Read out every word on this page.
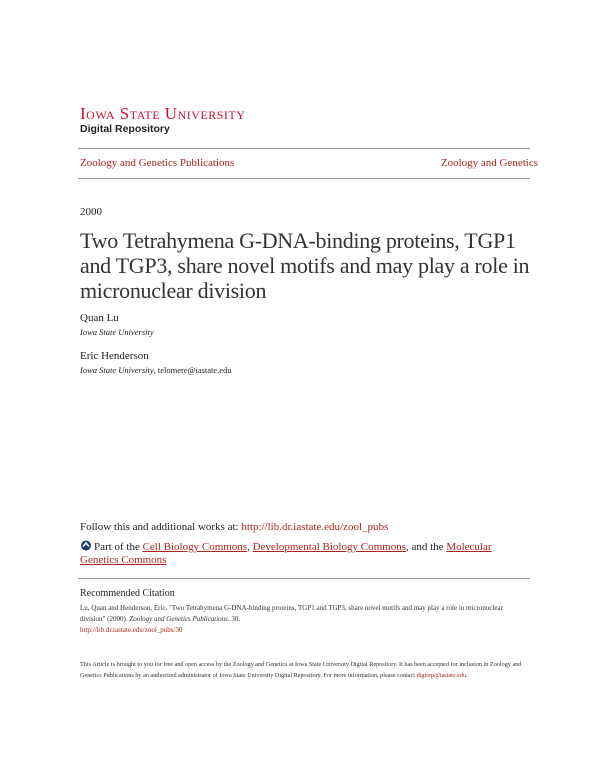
Iowa State University
Digital Repository
Zoology and Genetics Publications	Zoology and Genetics
2000
Two Tetrahymena G-DNA-binding proteins, TGP1 and TGP3, share novel motifs and may play a role in micronuclear division
Quan Lu
Iowa State University
Eric Henderson
Iowa State University, telomere@iastate.edu
Follow this and additional works at: http://lib.dr.iastate.edu/zool_pubs
Part of the Cell Biology Commons, Developmental Biology Commons, and the Molecular Genetics Commons
Recommended Citation
Lu, Quan and Henderson, Eric, "Two Tetrahymena G-DNA-binding proteins, TGP1 and TGP3, share novel motifs and may play a role in micronuclear division" (2000). Zoology and Genetics Publications. 30.
http://lib.dr.iastate.edu/zool_pubs/30
This Article is brought to you for free and open access by the Zoology and Genetics at Iowa State University Digital Repository. It has been accepted for inclusion in Zoology and Genetics Publications by an authorized administrator of Iowa State University Digital Repository. For more information, please contact digirep@iastate.edu.
